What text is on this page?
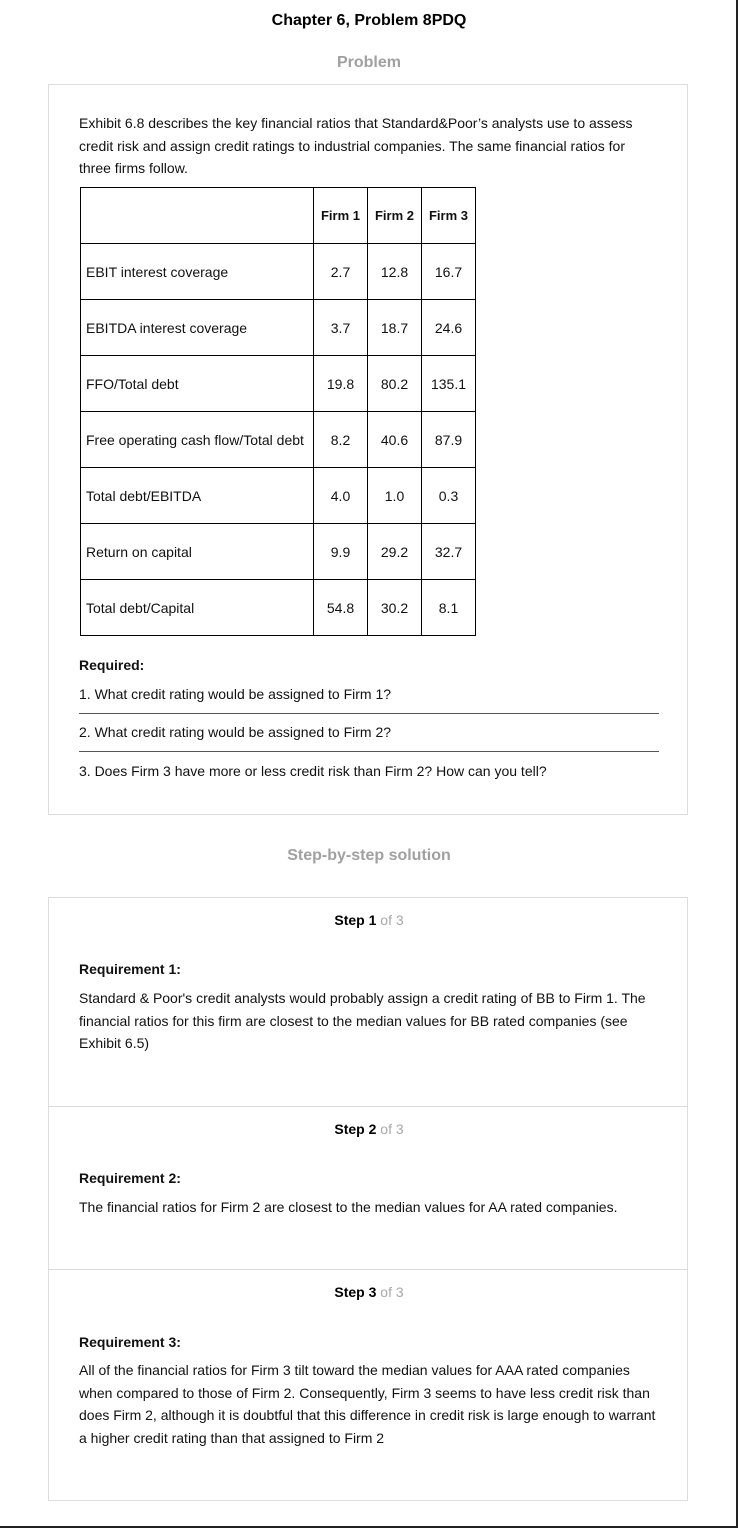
Chapter 6, Problem 8PDQ
Problem

Exhibit 6.8 describes the key financial ratios that Standard&Poor’s analysts use to assess credit risk and assign credit ratings to industrial companies. The same financial ratios for three firms follow.

	Firm 1	Firm 2	Firm 3
EBIT interest coverage	2.7	12.8	16.7
EBITDA interest coverage	3.7	18.7	24.6
FFO/Total debt	19.8	80.2	135.1
Free operating cash flow/Total debt	8.2	40.6	87.9
Total debt/EBITDA	4.0	1.0	0.3
Return on capital	9.9	29.2	32.7
Total debt/Capital	54.8	30.2	8.1
Required:
1. What credit rating would be assigned to Firm 1?
2. What credit rating would be assigned to Firm 2?
3. Does Firm 3 have more or less credit risk than Firm 2? How can you tell?
Step-by-step solution
Step 1 of 3
Requirement 1:

Standard & Poor's credit analysts would probably assign a credit rating of BB to Firm 1. The financial ratios for this firm are closest to the median values for BB rated companies (see Exhibit 6.5)

Step 2 of 3
Requirement 2:

The financial ratios for Firm 2 are closest to the median values for AA rated companies.

Step 3 of 3
Requirement 3:

All of the financial ratios for Firm 3 tilt toward the median values for AAA rated companies when compared to those of Firm 2. Consequently, Firm 3 seems to have less credit risk than does Firm 2, although it is doubtful that this difference in credit risk is large enough to warrant a higher credit rating than that assigned to Firm 2
